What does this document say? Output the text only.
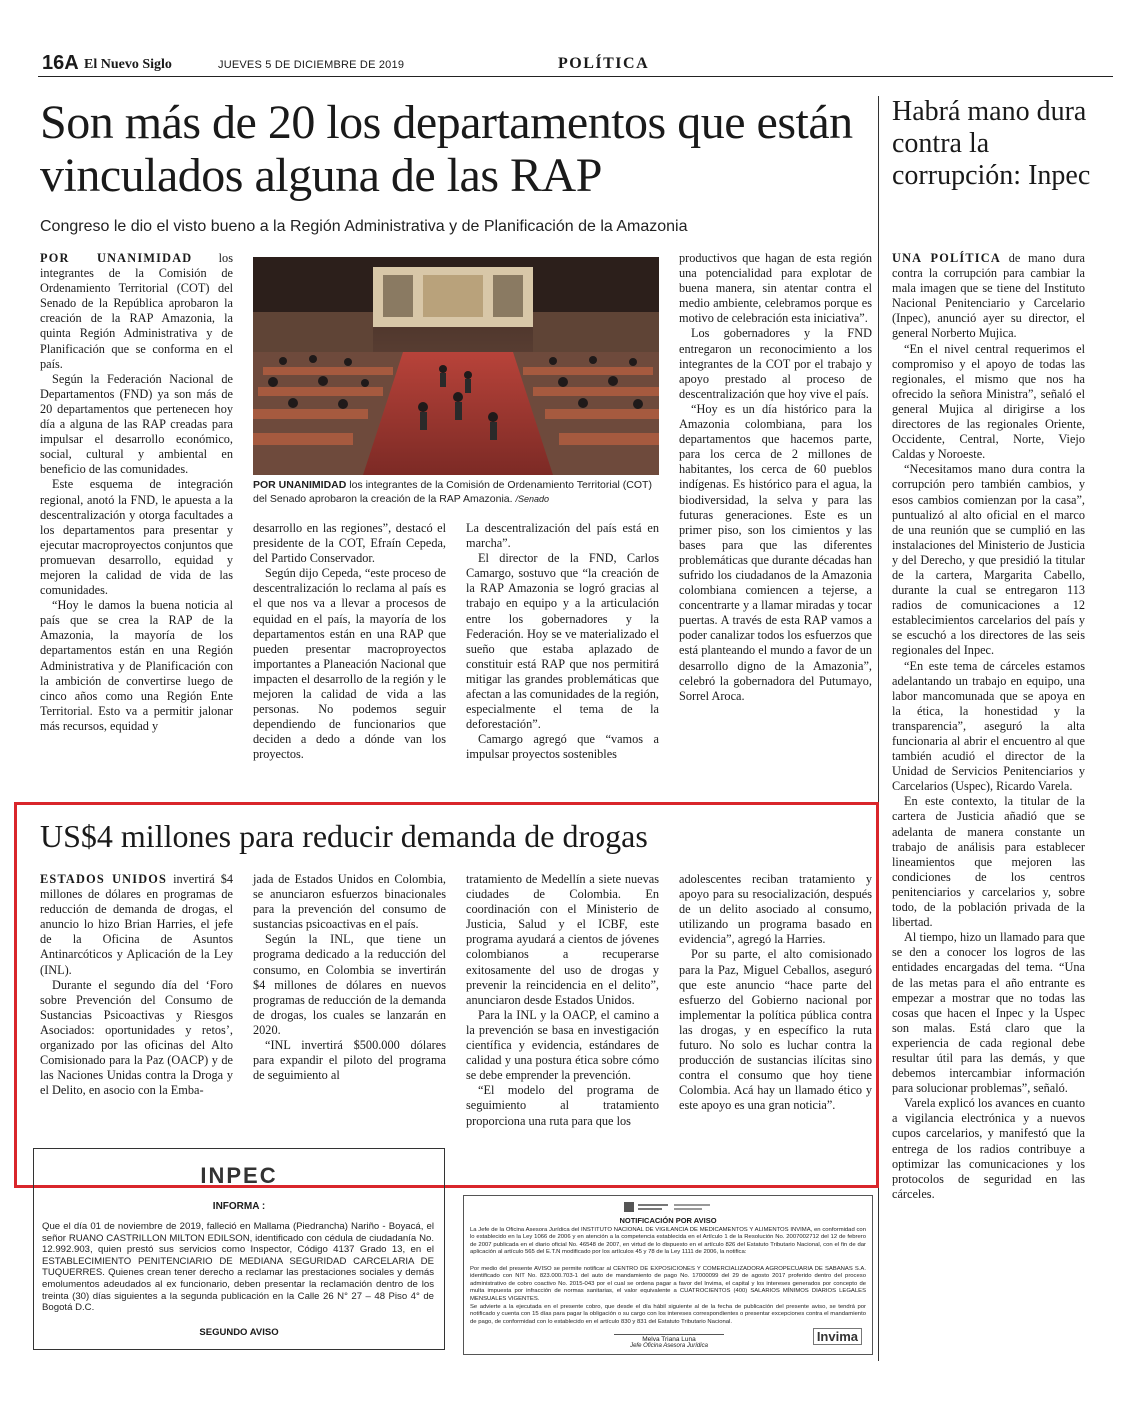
16A El Nuevo Siglo	JUEVES 5 DE DICIEMBRE DE 2019	POLÍTICA
Son más de 20 los departamentos que están vinculados alguna de las RAP
Congreso le dio el visto bueno a la Región Administrativa y de Planificación de la Amazonia

POR UNANIMIDAD los integrantes de la Comisión de Ordenamiento Territorial (COT) del Senado de la República aprobaron la creación de la RAP Amazonia, la quinta Región Administrativa y de Planificación que se conforma en el país.

Según la Federación Nacional de Departamentos (FND) ya son más de 20 departamentos que pertenecen hoy día a alguna de las RAP creadas para impulsar el desarrollo económico, social, cultural y ambiental en beneficio de las comunidades.

Este esquema de integración regional, anotó la FND, le apuesta a la descentralización y otorga facultades a los departamentos para presentar y ejecutar macroproyectos conjuntos que promuevan desarrollo, equidad y mejoren la calidad de vida de las comunidades.

“Hoy le damos la buena noticia al país que se crea la RAP de la Amazonia, la mayoría de los departamentos están en una Región Administrativa y de Planificación con la ambición de convertirse luego de cinco años como una Región Ente Territorial. Esto va a permitir jalonar más recursos, equidad y

POR UNANIMIDAD los integrantes de la Comisión de Ordenamiento Territorial (COT) del Senado aprobaron la creación de la RAP Amazonia. /Senado

desarrollo en las regiones”, destacó el presidente de la COT, Efraín Cepeda, del Partido Conservador.

Según dijo Cepeda, “este proceso de descentralización lo reclama al país es el que nos va a llevar a procesos de equidad en el país, la mayoría de los departamentos están en una RAP que pueden presentar macroproyectos importantes a Planeación Nacional que impacten el desarrollo de la región y le mejoren la calidad de vida a las personas. No podemos seguir dependiendo de funcionarios que deciden a dedo a dónde van los proyectos.

La descentralización del país está en marcha”.

El director de la FND, Carlos Camargo, sostuvo que “la creación de la RAP Amazonia se logró gracias al trabajo en equipo y a la articulación entre los gobernadores y la Federación. Hoy se ve materializado el sueño que estaba aplazado de constituir está RAP que nos permitirá mitigar las grandes problemáticas que afectan a las comunidades de la región, especialmente el tema de la deforestación”.

Camargo agregó que “vamos a impulsar proyectos sostenibles

productivos que hagan de esta región una potencialidad para explotar de buena manera, sin atentar contra el medio ambiente, celebramos porque es motivo de celebración esta iniciativa”.

Los gobernadores y la FND entregaron un reconocimiento a los integrantes de la COT por el trabajo y apoyo prestado al proceso de descentralización que hoy vive el país.

“Hoy es un día histórico para la Amazonia colombiana, para los departamentos que hacemos parte, para los cerca de 2 millones de habitantes, los cerca de 60 pueblos indígenas. Es histórico para el agua, la biodiversidad, la selva y para las futuras generaciones. Este es un primer piso, son los cimientos y las bases para que las diferentes problemáticas que durante décadas han sufrido los ciudadanos de la Amazonia colombiana comiencen a tejerse, a concentrarte y a llamar miradas y tocar puertas. A través de esta RAP vamos a poder canalizar todos los esfuerzos que está planteando el mundo a favor de un desarrollo digno de la Amazonia”, celebró la gobernadora del Putumayo, Sorrel Aroca.

Habrá mano dura contra la corrupción: Inpec

UNA POLÍTICA de mano dura contra la corrupción para cambiar la mala imagen que se tiene del Instituto Nacional Penitenciario y Carcelario (Inpec), anunció ayer su director, el general Norberto Mujica.

“En el nivel central requerimos el compromiso y el apoyo de todas las regionales, el mismo que nos ha ofrecido la señora Ministra”, señaló el general Mujica al dirigirse a los directores de las regionales Oriente, Occidente, Central, Norte, Viejo Caldas y Noroeste.

“Necesitamos mano dura contra la corrupción pero también cambios, y esos cambios comienzan por la casa”, puntualizó al alto oficial en el marco de una reunión que se cumplió en las instalaciones del Ministerio de Justicia y del Derecho, y que presidió la titular de la cartera, Margarita Cabello, durante la cual se entregaron 113 radios de comunicaciones a 12 establecimientos carcelarios del país y se escuchó a los directores de las seis regionales del Inpec.

“En este tema de cárceles estamos adelantando un trabajo en equipo, una labor mancomunada que se apoya en la ética, la honestidad y la transparencia”, aseguró la alta funcionaria al abrir el encuentro al que también acudió el director de la Unidad de Servicios Penitenciarios y Carcelarios (Uspec), Ricardo Varela.

En este contexto, la titular de la cartera de Justicia añadió que se adelanta de manera constante un trabajo de análisis para establecer lineamientos que mejoren las condiciones de los centros penitenciarios y carcelarios y, sobre todo, de la población privada de la libertad.

Al tiempo, hizo un llamado para que se den a conocer los logros de las entidades encargadas del tema. “Una de las metas para el año entrante es empezar a mostrar que no todas las cosas que hacen el Inpec y la Uspec son malas. Está claro que la experiencia de cada regional debe resultar útil para las demás, y que debemos intercambiar información para solucionar problemas”, señaló.

Varela explicó los avances en cuanto a vigilancia electrónica y a nuevos cupos carcelarios, y manifestó que la entrega de los radios contribuye a optimizar las comunicaciones y los protocolos de seguridad en las cárceles.

US$4 millones para reducir demanda de drogas

ESTADOS UNIDOS invertirá $4 millones de dólares en programas de reducción de demanda de drogas, el anuncio lo hizo Brian Harries, el jefe de la Oficina de Asuntos Antinarcóticos y Aplicación de la Ley (INL).

Durante el segundo día del ‘Foro sobre Prevención del Consumo de Sustancias Psicoactivas y Riesgos Asociados: oportunidades y retos’, organizado por las oficinas del Alto Comisionado para la Paz (OACP) y de las Naciones Unidas contra la Droga y el Delito, en asocio con la Emba-

jada de Estados Unidos en Colombia, se anunciaron esfuerzos binacionales para la prevención del consumo de sustancias psicoactivas en el país.

Según la INL, que tiene un programa dedicado a la reducción del consumo, en Colombia se invertirán $4 millones de dólares en nuevos programas de reducción de la demanda de drogas, los cuales se lanzarán en 2020.

“INL invertirá $500.000 dólares para expandir el piloto del programa de seguimiento al

tratamiento de Medellín a siete nuevas ciudades de Colombia. En coordinación con el Ministerio de Justicia, Salud y el ICBF, este programa ayudará a cientos de jóvenes colombianos a recuperarse exitosamente del uso de drogas y prevenir la reincidencia en el delito”, anunciaron desde Estados Unidos.

Para la INL y la OACP, el camino a la prevención se basa en investigación científica y evidencia, estándares de calidad y una postura ética sobre cómo se debe emprender la prevención.

“El modelo del programa de seguimiento al tratamiento proporciona una ruta para que los

adolescentes reciban tratamiento y apoyo para su resocialización, después de un delito asociado al consumo, utilizando un programa basado en evidencia”, agregó la Harries.

Por su parte, el alto comisionado para la Paz, Miguel Ceballos, aseguró que este anuncio “hace parte del esfuerzo del Gobierno nacional por implementar la política pública contra las drogas, y en específico la ruta futuro. No solo es luchar contra la producción de sustancias ilícitas sino contra el consumo que hoy tiene Colombia. Acá hay un llamado ético y este apoyo es una gran noticia”.

INPEC
INFORMA :
Que el día 01 de noviembre de 2019, falleció en Mallama (Piedrancha) Nariño - Boyacá, el señor RUANO CASTRILLON MILTON EDILSON, identificado con cédula de ciudadanía No. 12.992.903, quien prestó sus servicios como Inspector, Código 4137 Grado 13, en el ESTABLECIMIENTO PENITENCIARIO DE MEDIANA SEGURIDAD CARCELARIA DE TUQUERRES. Quienes crean tener derecho a reclamar las prestaciones sociales y demás emolumentos adeudados al ex funcionario, deben presentar la reclamación dentro de los treinta (30) días siguientes a la segunda publicación en la Calle 26 N° 27 – 48 Piso 4° de Bogotá D.C.
SEGUNDO AVISO
NOTIFICACIÓN POR AVISO
La Jefe de la Oficina Asesora Jurídica del INSTITUTO NACIONAL DE VIGILANCIA DE MEDICAMENTOS Y ALIMENTOS INVIMA, en conformidad con lo establecido en la Ley 1066 de 2006 y en atención a la competencia establecida en el Artículo 1 de la Resolución No. 2007002712 del 12 de febrero de 2007 publicada en el diario oficial No. 46548 de 2007, en virtud de lo dispuesto en el artículo 826 del Estatuto Tributario Nacional, con el fin de dar aplicación al artículo 565 del E.T.N modificado por los artículos 45 y 78 de la Ley 1111 de 2006, la notifica:
Por medio del presente AVISO se permite notificar al CENTRO DE EXPOSICIONES Y COMERCIALIZADORA AGROPECUARIA DE SABANAS S.A. identificado con NIT No. 823.000.703-1 del auto de mandamiento de pago No. 17000099 del 29 de agosto 2017 proferido dentro del proceso administrativo de cobro coactivo No. 2015-043 por el cual se ordena pagar a favor del Invima, el capital y los intereses generados por concepto de multa impuesta por infracción de normas sanitarias, el valor equivalente a CUATROCIENTOS (400) SALARIOS MÍNIMOS DIARIOS LEGALES MENSUALES VIGENTES.
Se advierte a la ejecutada en el presente cobro, que desde el día hábil siguiente al de la fecha de publicación del presente aviso, se tendrá por notificado y cuenta con 15 días para pagar la obligación o su cargo con los intereses correspondientes o presentar excepciones contra el mandamiento de pago, de conformidad con lo establecido en el artículo 830 y 831 del Estatuto Tributario Nacional.
Melva Triana Luna
Jefe Oficina Asesora Jurídica
Invima
